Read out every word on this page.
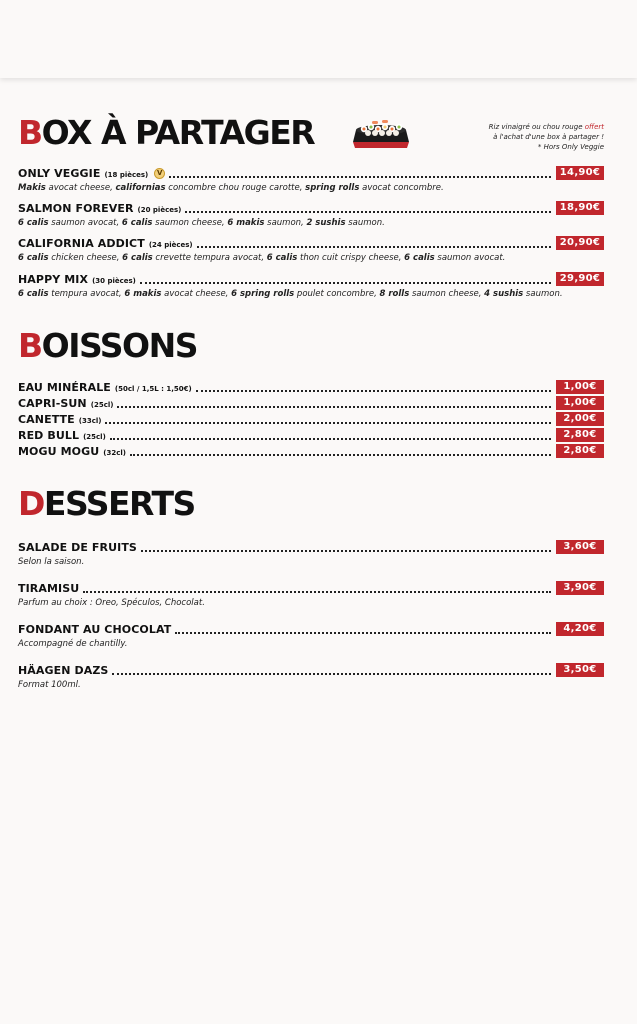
BOX À PARTAGER	Riz vinaigré ou chou rouge offert
à l'achat d'une box à partager !
* Hors Only Veggie
ONLY VEGGIE (18 pièces)	V	14,90€
Makis avocat cheese, californias concombre chou rouge carotte, spring rolls avocat concombre.
SALMON FOREVER (20 pièces)	18,90€
6 calis saumon avocat, 6 calis saumon cheese, 6 makis saumon, 2 sushis saumon.
CALIFORNIA ADDICT (24 pièces)	20,90€
6 calis chicken cheese, 6 calis crevette tempura avocat, 6 calis thon cuit crispy cheese, 6 calis saumon avocat.
HAPPY MIX (30 pièces)	29,90€
6 calis tempura avocat, 6 makis avocat cheese, 6 spring rolls poulet concombre, 8 rolls saumon cheese, 4 sushis saumon.
BOISSONS
EAU MINÉRALE (50cl / 1,5L : 1,50€)	1,00€
CAPRI-SUN (25cl)	1,00€
CANETTE (33cl)	2,00€
RED BULL (25cl)	2,80€
MOGU MOGU (32cl)	2,80€
DESSERTS
SALADE DE FRUITS	3,60€
Selon la saison.
TIRAMISU	3,90€
Parfum au choix : Oreo, Spéculos, Chocolat.
FONDANT AU CHOCOLAT	4,20€
Accompagné de chantilly.
HÄAGEN DAZS	3,50€
Format 100ml.
